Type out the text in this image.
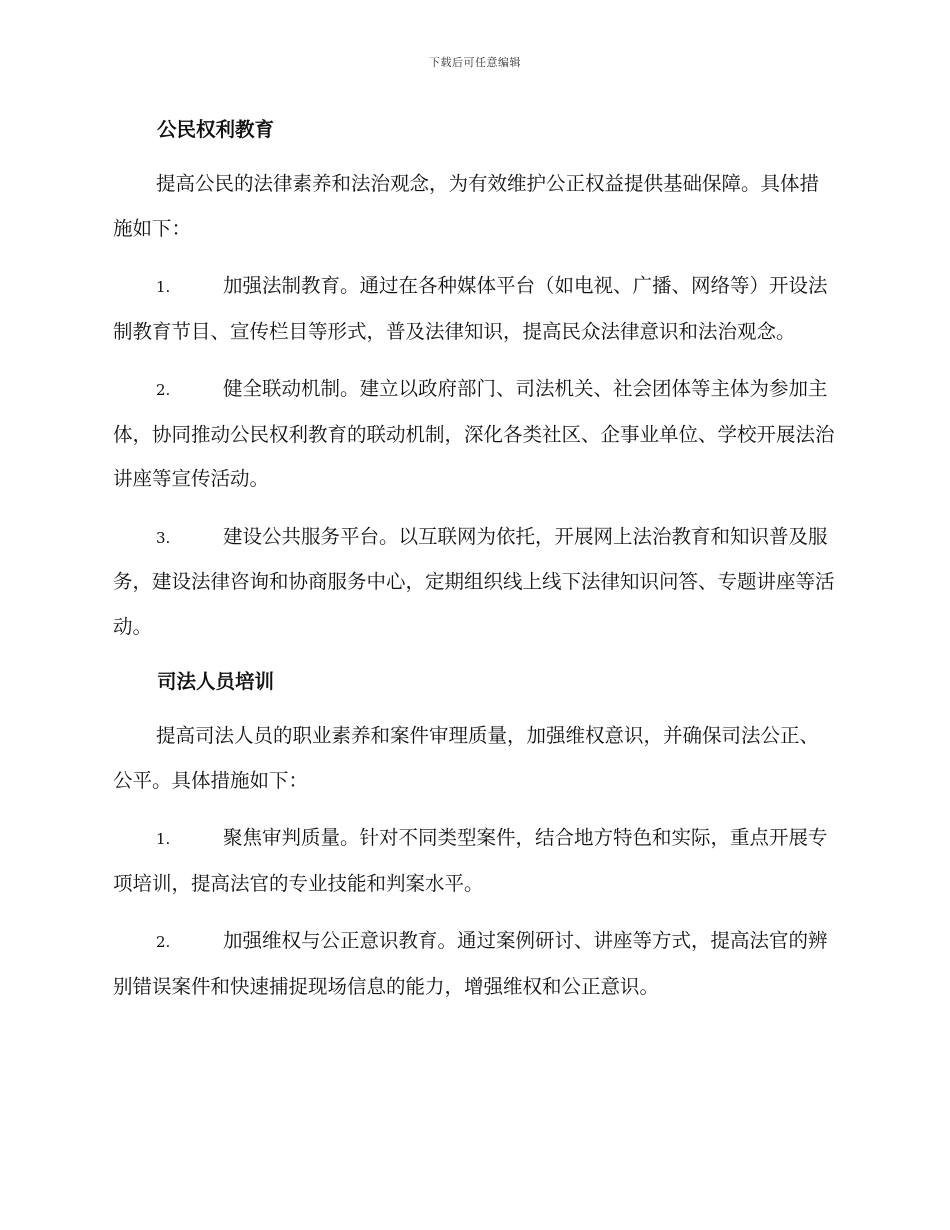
下载后可任意编辑
公民权利教育

提高公民的法律素养和法治观念，为有效维护公正权益提供基础保障。具体措施如下：

1.	加强法制教育。通过在各种媒体平台（如电视、广播、网络等）开设法制教育节目、宣传栏目等形式，普及法律知识，提高民众法律意识和法治观念。

2.	健全联动机制。建立以政府部门、司法机关、社会团体等主体为参加主体，协同推动公民权利教育的联动机制，深化各类社区、企事业单位、学校开展法治讲座等宣传活动。

3.	建设公共服务平台。以互联网为依托，开展网上法治教育和知识普及服务，建设法律咨询和协商服务中心，定期组织线上线下法律知识问答、专题讲座等活动。

司法人员培训

提高司法人员的职业素养和案件审理质量，加强维权意识，并确保司法公正、公平。具体措施如下：

1.	聚焦审判质量。针对不同类型案件，结合地方特色和实际，重点开展专项培训，提高法官的专业技能和判案水平。

2.	加强维权与公正意识教育。通过案例研讨、讲座等方式，提高法官的辨别错误案件和快速捕捉现场信息的能力，增强维权和公正意识。
